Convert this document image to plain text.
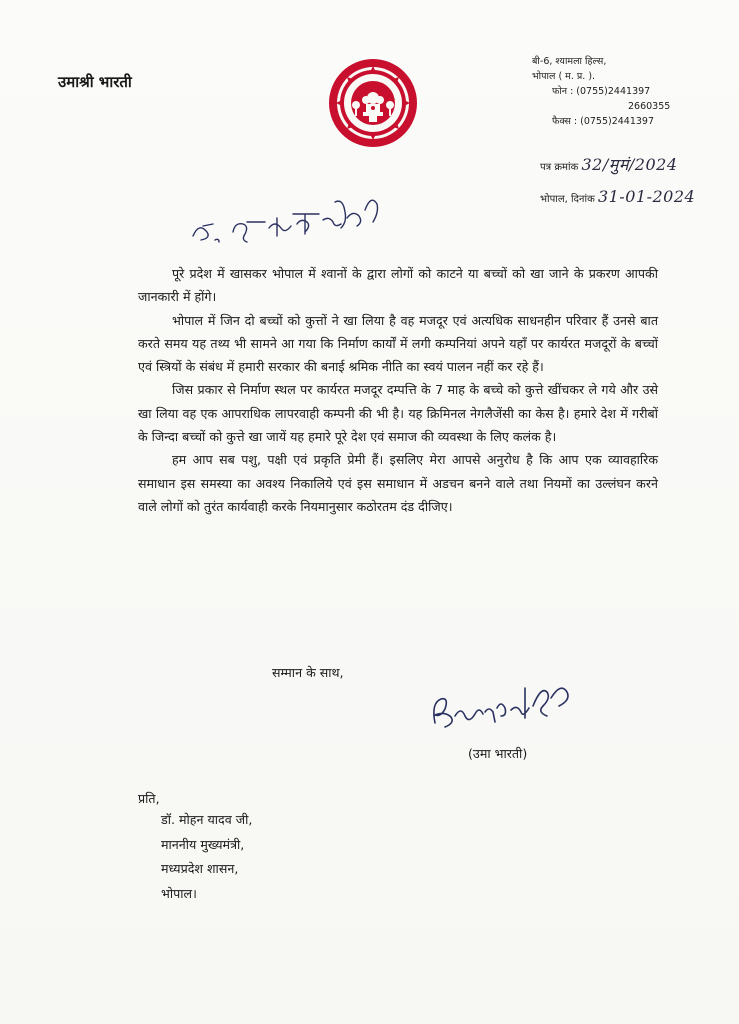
उमाश्री भारती
बी-6, श्यामला हिल्स,
भोपाल ( म. प्र. ).
फोन : (0755)2441397
2660355
फैक्स : (0755)2441397
पत्र क्रमांक 32/मुमं/2024
भोपाल, दिनांक 31-01-2024

पूरे प्रदेश में खासकर भोपाल में श्वानों के द्वारा लोगों को काटने या बच्चों को खा जाने के प्रकरण आपकी जानकारी में होंगे।

भोपाल में जिन दो बच्चों को कुत्तों ने खा लिया है वह मजदूर एवं अत्यधिक साधनहीन परिवार हैं उनसे बात करते समय यह तथ्य भी सामने आ गया कि निर्माण कार्यों में लगी कम्पनियां अपने यहाँ पर कार्यरत मजदूरों के बच्चों एवं स्त्रियों के संबंध में हमारी सरकार की बनाई श्रमिक नीति का स्वयं पालन नहीं कर रहे हैं।

जिस प्रकार से निर्माण स्थल पर कार्यरत मजदूर दम्पत्ति के 7 माह के बच्चे को कुत्ते खींचकर ले गये और उसे खा लिया वह एक आपराधिक लापरवाही कम्पनी की भी है। यह क्रिमिनल नेगलैजेंसी का केस है। हमारे देश में गरीबों के जिन्दा बच्चों को कुत्ते खा जायें यह हमारे पूरे देश एवं समाज की व्यवस्था के लिए कलंक है।

हम आप सब पशु, पक्षी एवं प्रकृति प्रेमी हैं। इसलिए मेरा आपसे अनुरोध है कि आप एक व्यावहारिक समाधान इस समस्या का अवश्य निकालिये एवं इस समाधान में अडचन बनने वाले तथा नियमों का उल्लंघन करने वाले लोगों को तुरंत कार्यवाही करके नियमानुसार कठोरतम दंड दीजिए।

सम्मान के साथ,
(उमा भारती)
प्रति,
डॉ. मोहन यादव जी,
माननीय मुख्यमंत्री,
मध्यप्रदेश शासन,
भोपाल।
